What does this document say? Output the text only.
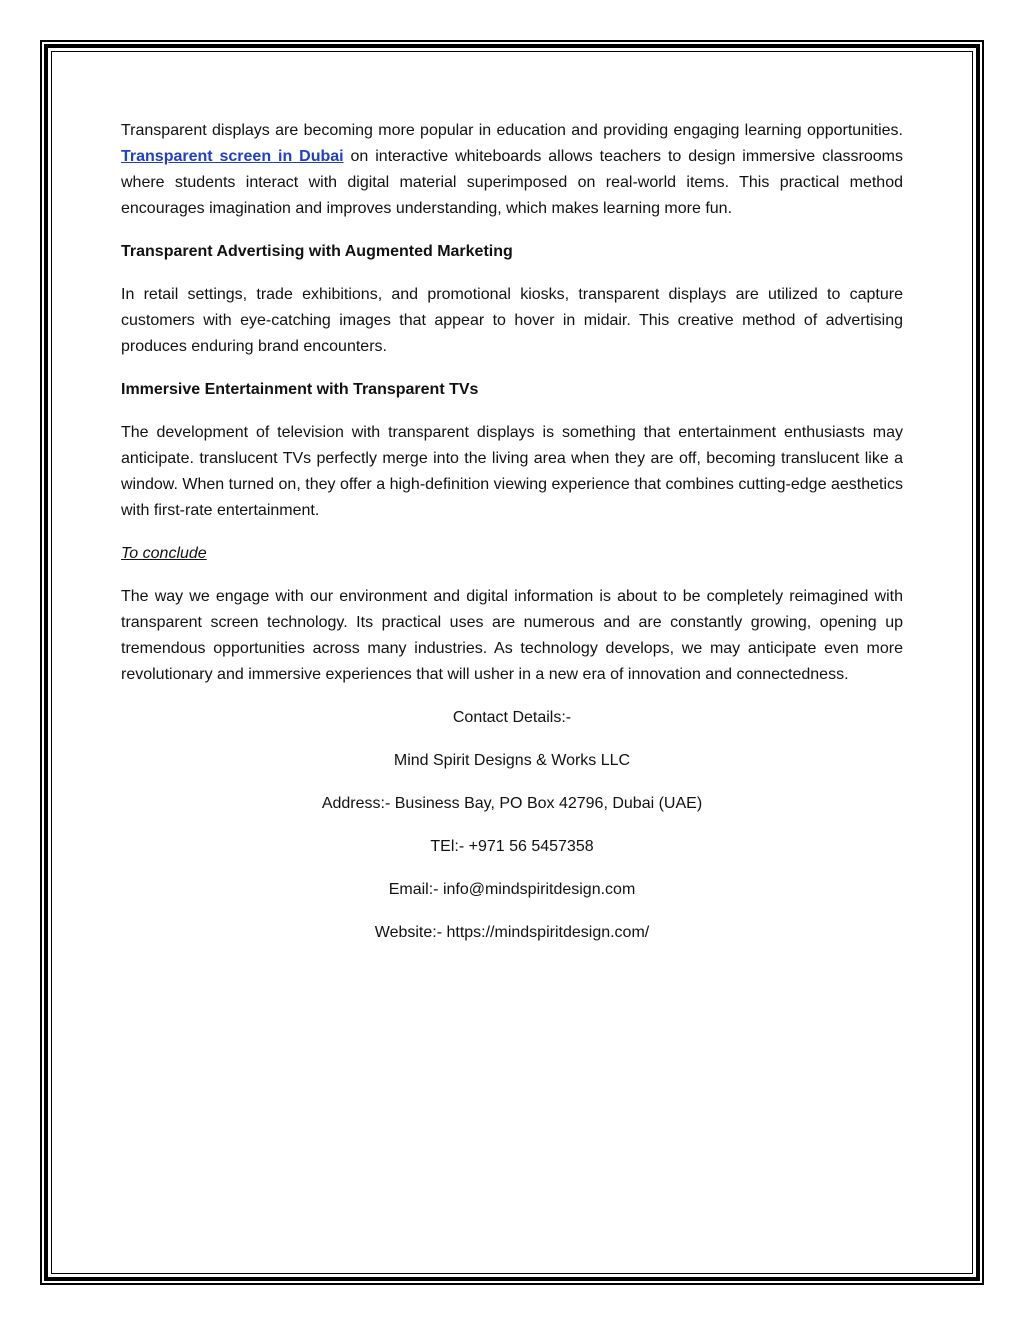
Transparent displays are becoming more popular in education and providing engaging learning opportunities. Transparent screen in Dubai on interactive whiteboards allows teachers to design immersive classrooms where students interact with digital material superimposed on real-world items. This practical method encourages imagination and improves understanding, which makes learning more fun.

Transparent Advertising with Augmented Marketing

In retail settings, trade exhibitions, and promotional kiosks, transparent displays are utilized to capture customers with eye-catching images that appear to hover in midair. This creative method of advertising produces enduring brand encounters.

Immersive Entertainment with Transparent TVs

The development of television with transparent displays is something that entertainment enthusiasts may anticipate. translucent TVs perfectly merge into the living area when they are off, becoming translucent like a window. When turned on, they offer a high-definition viewing experience that combines cutting-edge aesthetics with first-rate entertainment.

To conclude

The way we engage with our environment and digital information is about to be completely reimagined with transparent screen technology. Its practical uses are numerous and are constantly growing, opening up tremendous opportunities across many industries. As technology develops, we may anticipate even more revolutionary and immersive experiences that will usher in a new era of innovation and connectedness.

Contact Details:-

Mind Spirit Designs & Works LLC

Address:- Business Bay, PO Box 42796, Dubai (UAE)

TEl:- +971 56 5457358

Email:- info@mindspiritdesign.com

Website:- https://mindspiritdesign.com/
